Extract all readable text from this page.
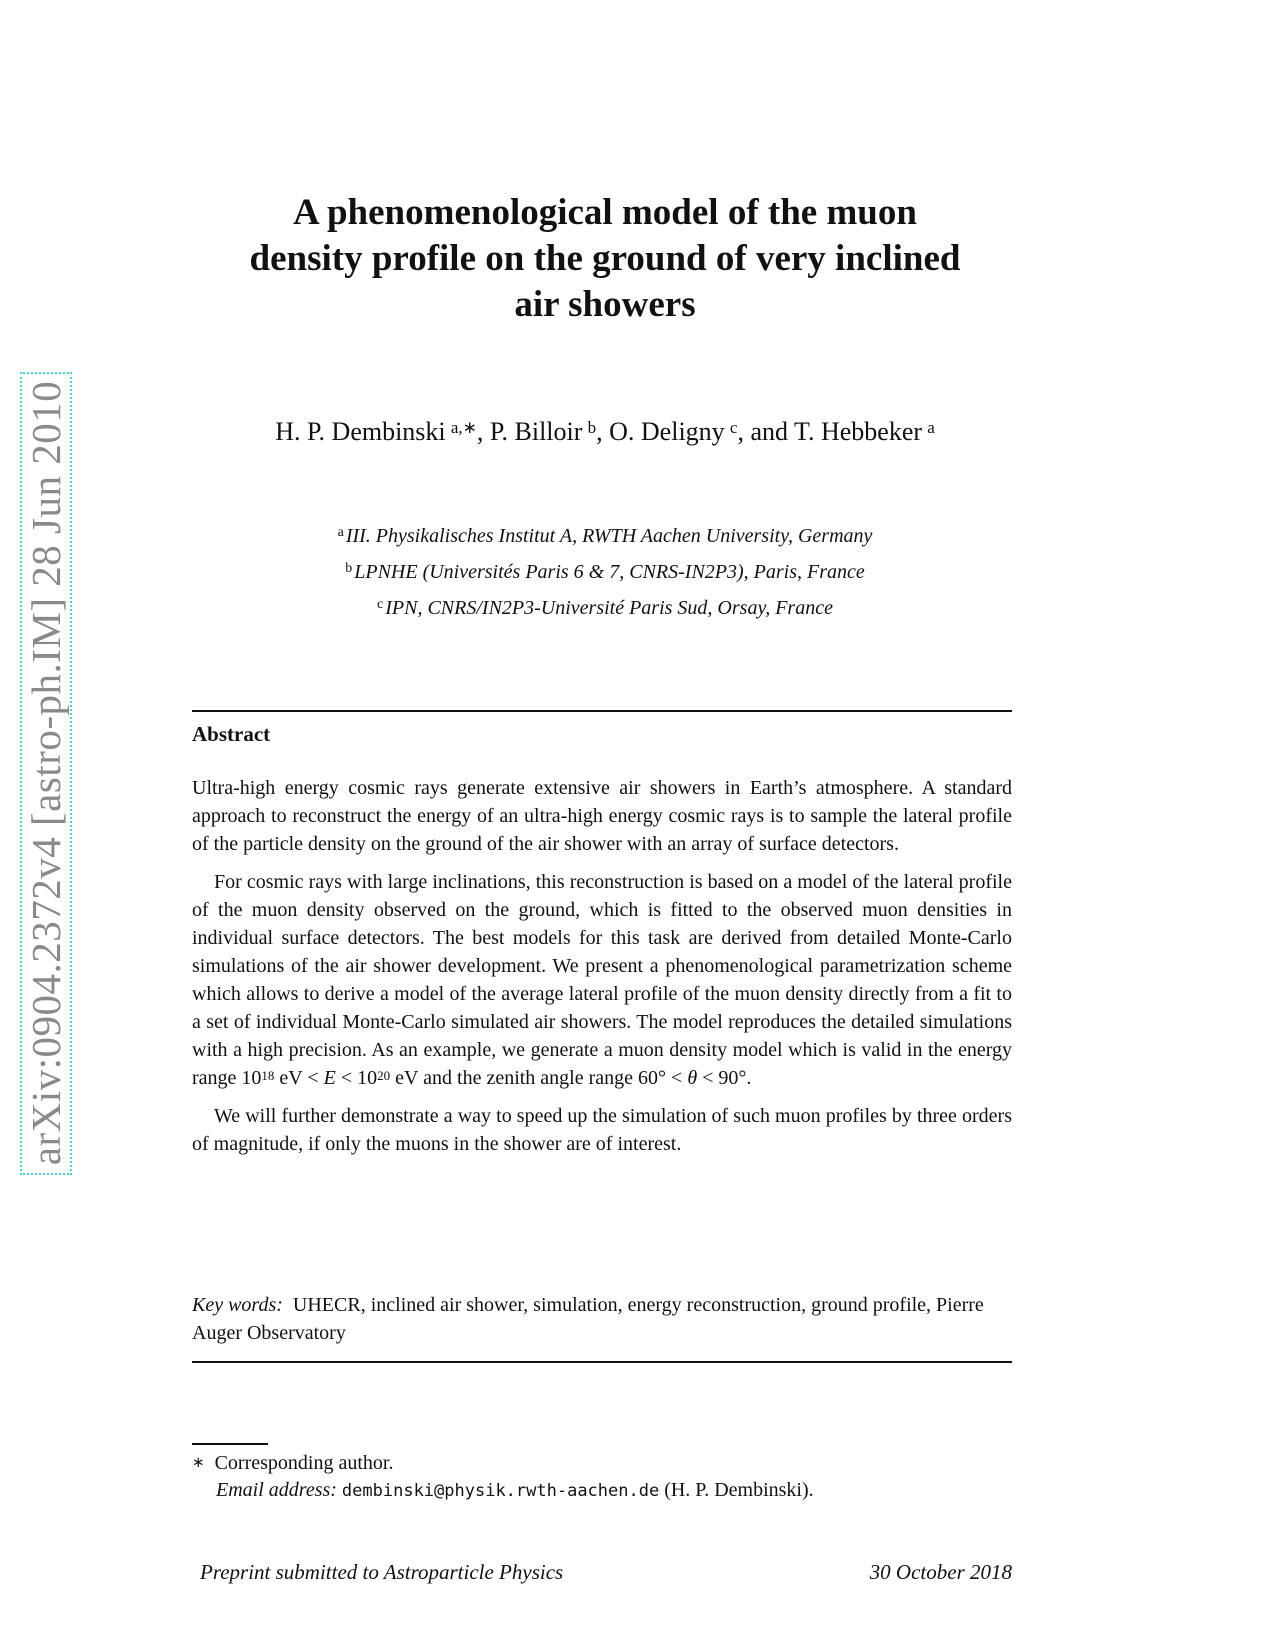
arXiv:0904.2372v4 [astro-ph.IM] 28 Jun 2010
A phenomenological model of the muon
density profile on the ground of very inclined
air showers
H. P. Dembinski  $^{a,∗}$, P. Billoir  $^b$, O. Deligny  $^c$, and T. Hebbeker  $^a$
$^a$ III. Physikalisches Institut A, RWTH Aachen University, Germany
$^b$ LPNHE (Universités Paris 6 & 7, CNRS-IN2P3), Paris, France
$^c$ IPN, CNRS/IN2P3-Université Paris Sud, Orsay, France
Abstract

Ultra-high energy cosmic rays generate extensive air showers in Earth’s atmosphere. A standard approach to reconstruct the energy of an ultra-high energy cosmic rays is to sample the lateral profile of the particle density on the ground of the air shower with an array of surface detectors.

For cosmic rays with large inclinations, this reconstruction is based on a model of the lateral profile of the muon density observed on the ground, which is fitted to the observed muon densities in individual surface detectors. The best models for this task are derived from detailed Monte-Carlo simulations of the air shower development. We present a phenomenological parametrization scheme which allows to derive a model of the average lateral profile of the muon density directly from a fit to a set of individual Monte-Carlo simulated air showers. The model reproduces the detailed simulations with a high precision. As an example, we generate a muon density model which is valid in the energy range $10^{18}$ eV < $E < 10^{20}$ eV and the zenith angle range 60° < θ < 90°.

We will further demonstrate a way to speed up the simulation of such muon profiles by three orders of magnitude, if only the muons in the shower are of interest.

Key words: UHECR, inclined air shower, simulation, energy reconstruction, ground profile, Pierre Auger Observatory
∗ Corresponding author.
Email address: dembinski@physik.rwth-aachen.de (H. P. Dembinski).
Preprint submitted to Astroparticle Physics	30 October 2018
